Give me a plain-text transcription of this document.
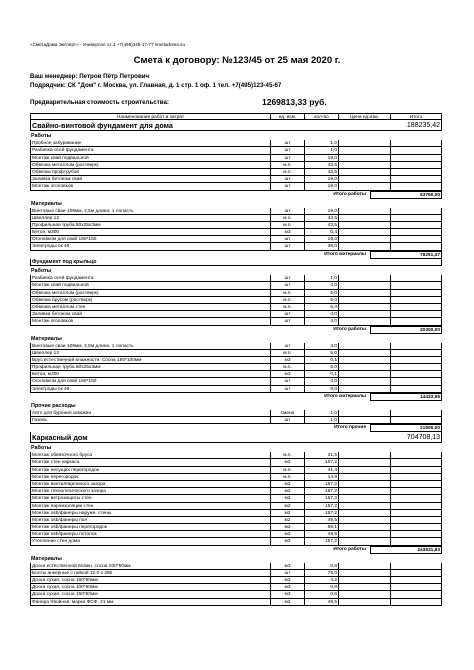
«СметаДома Эксперт» - Универсал v1.1 +7(495)445-17-77 smetadoma.su
Смета к договору: №123/45 от 25 мая 2020 г.
Ваш менеджер: Петров Пётр Петрович
Подрядчик: СК "Дом" г. Москва, ул. Главная, д. 1 стр. 1 оф. 1 тел. +7(495)123-45-67
Предварительная стоимость строительства:	1269813,33 руб.
Наименование работ и затрат	ед. изм.	кол-во	Цена ед.изм.	Итого
Свайно-винтовой фундамент для дома	188235,42
Работы
Пробное забуривание	шт	1,0
Разбивка осей фундамента	шт	1,0
Монтаж свай подвальной	шт	19,0
Обвязка металлом (ростверк)	м.п.	43,5
Обвязка профтрубой	м.п.	43,5
Заливка бетоном свай	шт	19,0
Монтаж оголовков	шт	19,0
Итого работы	53750,00
Материалы
Винтовые сваи 108мм, 2,5м длина, 1 лопасть	шт	19,0
Швеллер 12	м.п.	43,5
Профильная труба 50х25х3мм	м.п.	43,5
Бетон, м300	м3	0,4
Оголовком для свай 150*150	шт	19,0
Электроды ок 46	шт	38,0
Итого материалы	78251,47
Фундамент под крыльцо
Работы
Разбивка осей фундамента	шт	1,0
Монтаж свай подвальной	шт	4,0
Обвязка металлом (ростверк)	м.п.	5,0
Обвязка брусом (ростверк)	м.п.	5,0
Обвязка металлом стен	м.п.	5,0
Заливка бетоном свай	шт	4,0
Монтаж оголовков	шт	4,0
Итого работы	20300,00
Материалы
Винтовые сваи 108мм, 2,5м длина, 1 лопасть	шт	4,0
Швеллер 12	м.п.	5,0
Брус естественной влажности. Сосна 180*100мм	м3	0,1
Профильная труба 50х25х3мм	м.п.	5,0
Бетон, м300	м3	0,1
Оголовком для свай 150*150	шт	4,0
Электроды ок 46	шт	8,0
Итого материалы	14433,95
Прочие расходы
Авто для бурения скважин	смена	1,0
Газель	шт	1,0
Итого прочие	21500,00
Каркасный дом	704708,13
Работы
Монтаж обвязочного бруса	м.п.	31,5
Монтаж стен каркаса	м2	157,2
Монтаж несущих перегородок	м.п.	41,4
Монтаж перегородок	м.п.	14,9
Монтаж вентиляционного зазора	м2	157,2
Монтаж технологического зазора	м2	157,2
Монтаж ветрозащиты стен	м2	157,2
Монтаж пароизоляции стен	м2	157,2
Монтаж osb/фанеры наружн. стены	м2	157,2
Монтаж osb/фанеры пол	м2	49,5
Монтаж osb/фанеры перегородок	м2	59,1
Монтаж osb/фанеры потолок	м2	49,5
Утепление стен дома	м2	157,2
Итого работы	243931,83
Материалы
Доска естественной влажн. сосна 200*50мм	м3	0,8
Болты анкерные с гайкой 12,0 х 280	шт	75,0
Доска сухая, сосна 150*50мм	м3	4,2
Доска сухая, сосна 100*50мм	м3	0,8
Доска сухая, сосна 150*50мм	м3	0,6
Фанера Хвойная, марка ФСФ, 21 мм	м2	49,5
